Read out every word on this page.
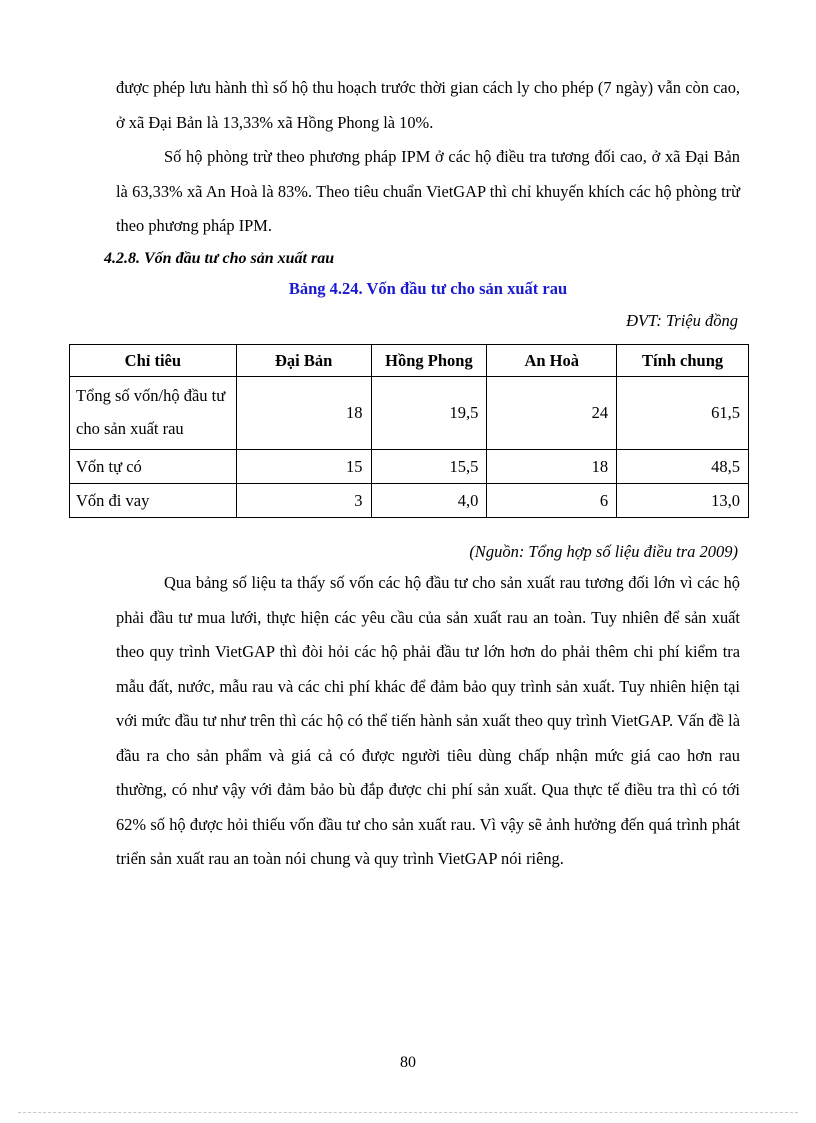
được phép lưu hành thì số hộ thu hoạch trước thời gian cách ly cho phép (7 ngày) vẫn còn cao, ở xã Đại Bản là 13,33% xã Hồng Phong là 10%.

Số hộ phòng trừ theo phương pháp IPM ở các hộ điều tra tương đối cao, ở xã Đại Bản là 63,33% xã An Hoà là 83%. Theo tiêu chuẩn VietGAP thì chỉ khuyến khích các hộ phòng trừ theo phương pháp IPM.

4.2.8. Vốn đầu tư cho sản xuất rau

Bảng 4.24. Vốn đầu tư cho sản xuất rau

ĐVT: Triệu đồng

Chỉ tiêu	Đại Bản	Hồng Phong	An Hoà	Tính chung
Tổng số vốn/hộ đầu tư cho sản xuất rau	18	19,5	24	61,5
Vốn tự có	15	15,5	18	48,5
Vốn đi vay	3	4,0	6	13,0

(Nguồn: Tổng hợp số liệu điều tra 2009)

Qua bảng số liệu ta thấy số vốn các hộ đầu tư cho sản xuất rau tương đối lớn vì các hộ phải đầu tư mua lưới, thực hiện các yêu cầu của sản xuất rau an toàn. Tuy nhiên để sản xuất theo quy trình VietGAP thì đòi hỏi các hộ phải đầu tư lớn hơn do phải thêm chi phí kiểm tra mẫu đất, nước, mẫu rau và các chi phí khác để đảm bảo quy trình sản xuất. Tuy nhiên hiện tại với mức đầu tư như trên thì các hộ có thể tiến hành sản xuất theo quy trình VietGAP. Vấn đề là đầu ra cho sản phẩm và giá cả có được người tiêu dùng chấp nhận mức giá cao hơn rau thường, có như vậy với đảm bảo bù đắp được chi phí sản xuất. Qua thực tế điều tra thì có tới 62% số hộ được hỏi thiếu vốn đầu tư cho sản xuất rau. Vì vậy sẽ ảnh hưởng đến quá trình phát triển sản xuất rau an toàn nói chung và quy trình VietGAP nói riêng.

80
